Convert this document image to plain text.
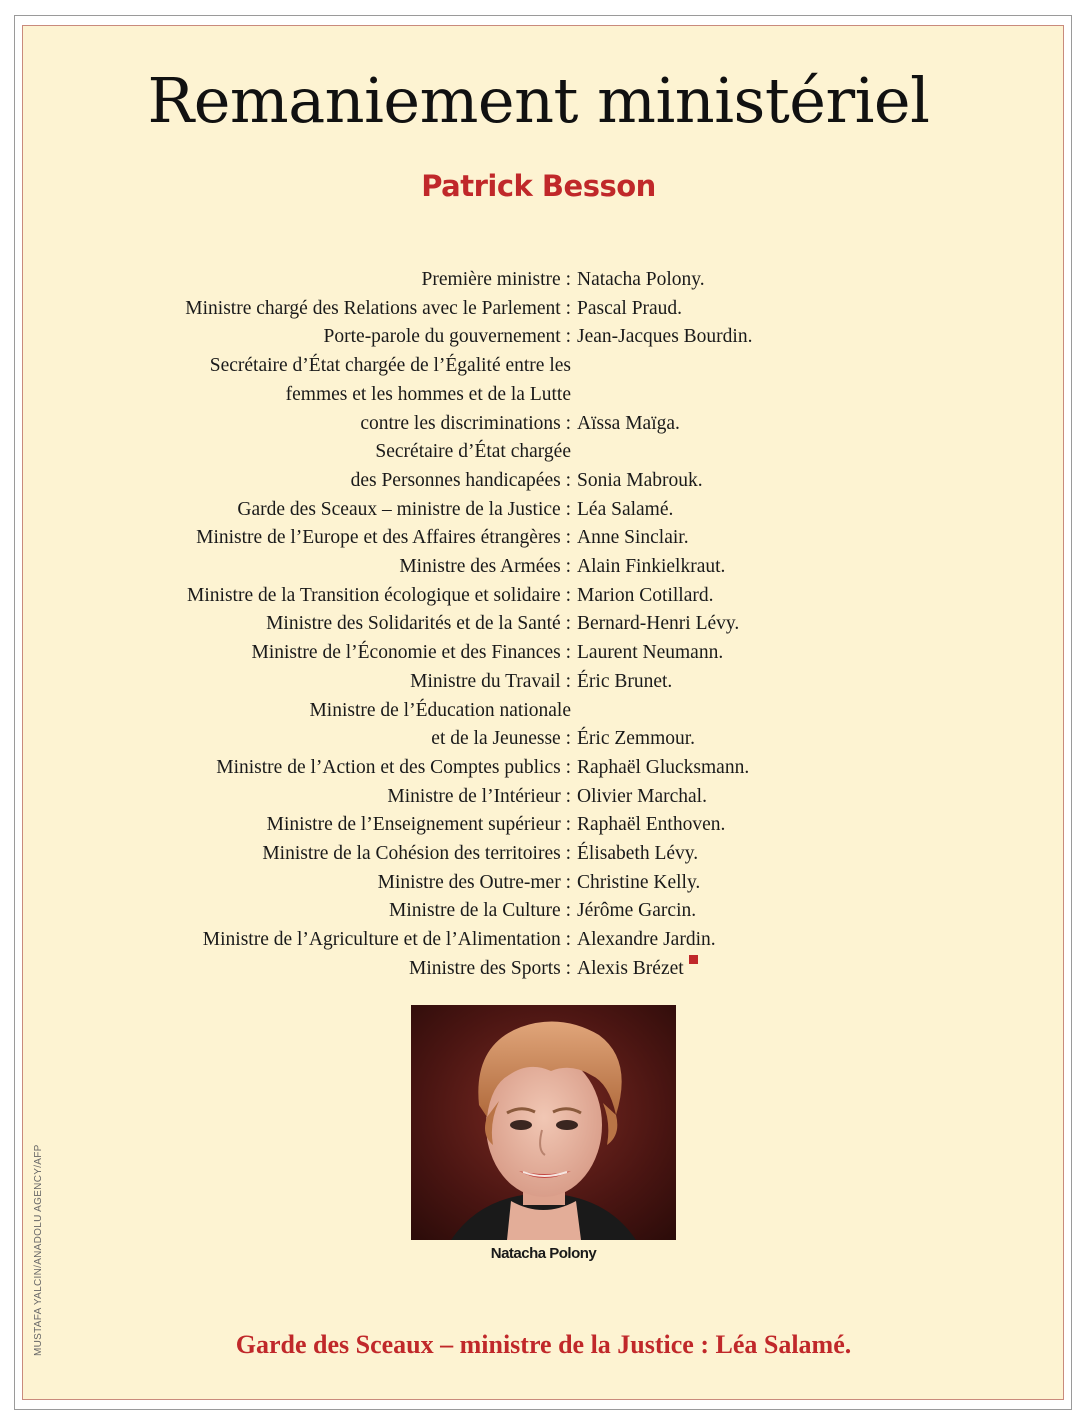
Remaniement ministériel
Patrick Besson
Première ministre : Natacha Polony.
Ministre chargé des Relations avec le Parlement : Pascal Praud.
Porte-parole du gouvernement : Jean-Jacques Bourdin.
Secrétaire d’État chargée de l’Égalité entre les
femmes et les hommes et de la Lutte
contre les discriminations : Aïssa Maïga.
Secrétaire d’État chargée
des Personnes handicapées : Sonia Mabrouk.
Garde des Sceaux – ministre de la Justice : Léa Salamé.
Ministre de l’Europe et des Affaires étrangères : Anne Sinclair.
Ministre des Armées : Alain Finkielkraut.
Ministre de la Transition écologique et solidaire : Marion Cotillard.
Ministre des Solidarités et de la Santé : Bernard-Henri Lévy.
Ministre de l’Économie et des Finances : Laurent Neumann.
Ministre du Travail : Éric Brunet.
Ministre de l’Éducation nationale
et de la Jeunesse : Éric Zemmour.
Ministre de l’Action et des Comptes publics : Raphaël Glucksmann.
Ministre de l’Intérieur : Olivier Marchal.
Ministre de l’Enseignement supérieur : Raphaël Enthoven.
Ministre de la Cohésion des territoires : Élisabeth Lévy.
Ministre des Outre-mer : Christine Kelly.
Ministre de la Culture : Jérôme Garcin.
Ministre de l’Agriculture et de l’Alimentation : Alexandre Jardin.
Ministre des Sports : Alexis Brézet
Natacha Polony
MUSTAFA YALCIN/ANADOLU AGENCY/AFP	Garde des Sceaux – ministre de la Justice : Léa Salamé.
